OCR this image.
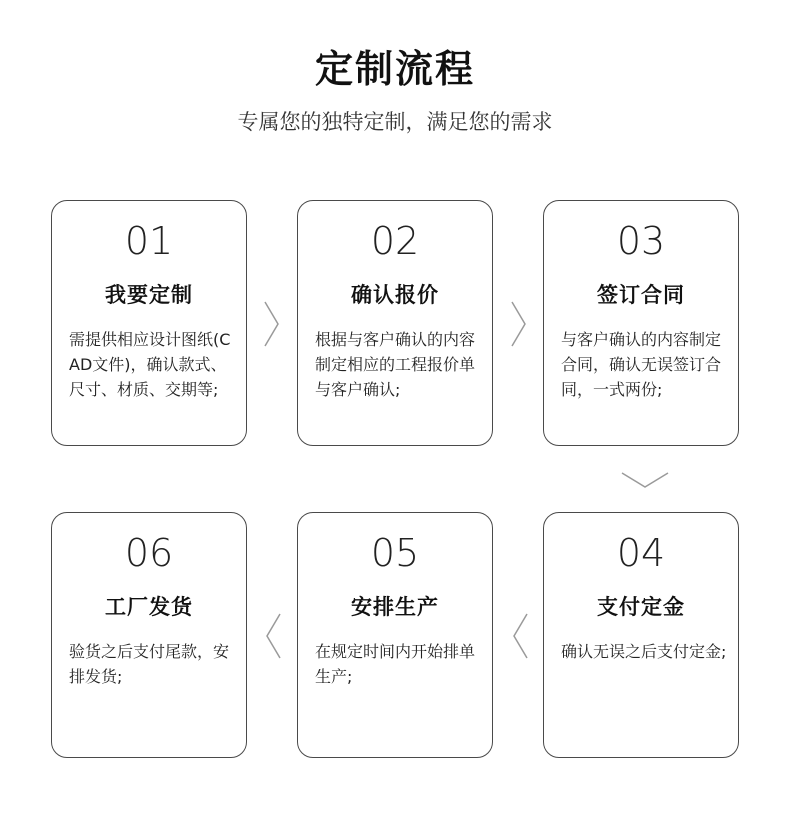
定制流程
专属您的独特定制，满足您的需求
01
我要定制
需提供相应设计图纸(CAD文件)，确认款式、尺寸、材质、交期等;
02
确认报价
根据与客户确认的内容制定相应的工程报价单与客户确认;
03
签订合同
与客户确认的内容制定合同，确认无误签订合同，一式两份;
06
工厂发货
验货之后支付尾款，安排发货;
05
安排生产
在规定时间内开始排单生产;
04
支付定金
确认无误之后支付定金;
